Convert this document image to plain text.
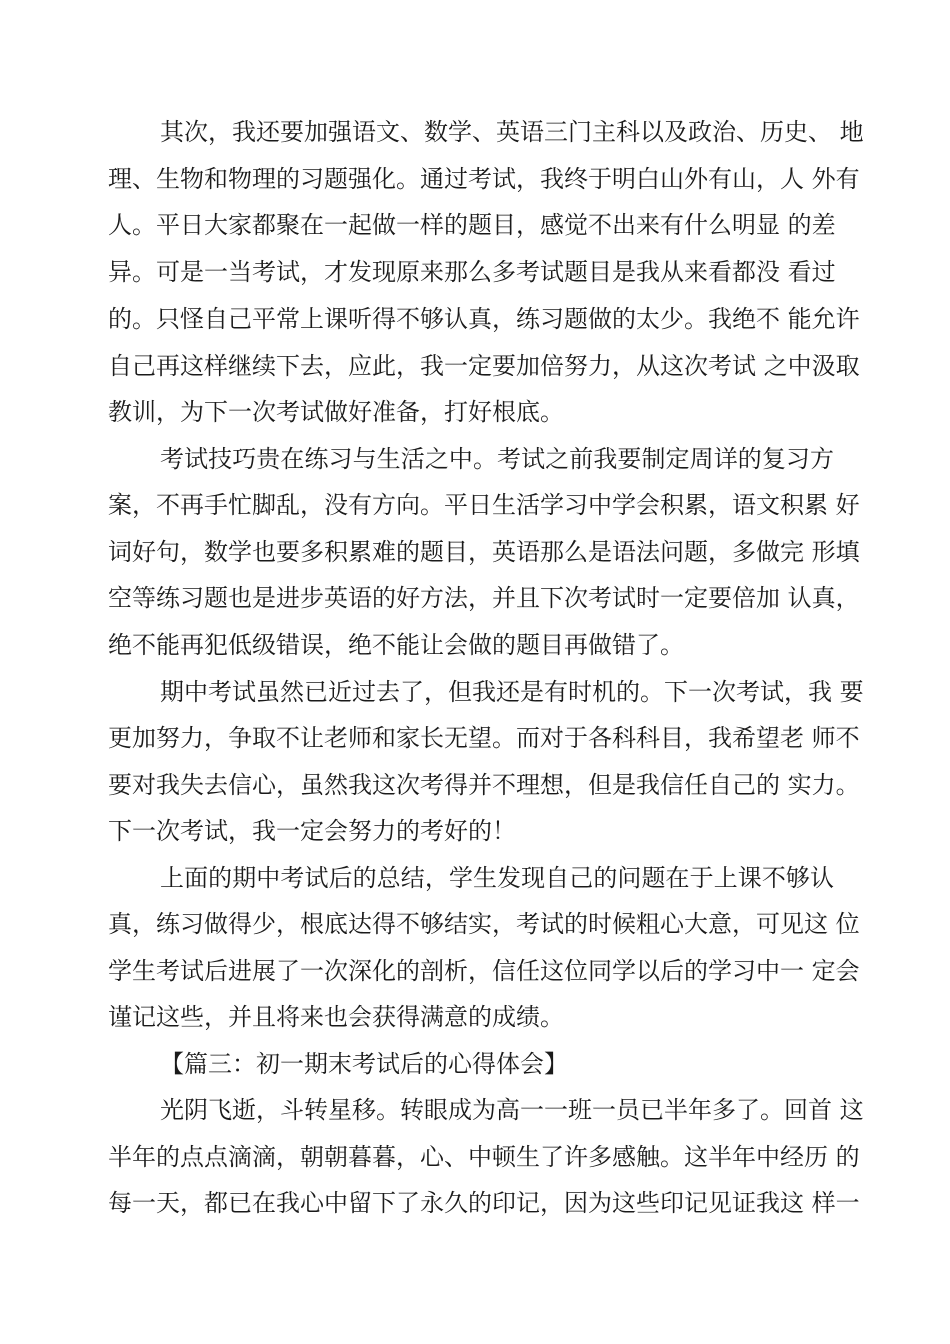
其次，我还要加强语文、数学、英语三门主科以及政治、历史、 地
理、生物和物理的习题强化。通过考试，我终于明白山外有山，人 外有
人。平日大家都聚在一起做一样的题目，感觉不出来有什么明显 的差
异。可是一当考试，才发现原来那么多考试题目是我从来看都没 看过
的。只怪自己平常上课听得不够认真，练习题做的太少。我绝不 能允许
自己再这样继续下去，应此，我一定要加倍努力，从这次考试 之中汲取
教训，为下一次考试做好准备，打好根底。
考试技巧贵在练习与生活之中。考试之前我要制定周详的复习方
案，不再手忙脚乱，没有方向。平日生活学习中学会积累，语文积累 好
词好句，数学也要多积累难的题目，英语那么是语法问题，多做完 形填
空等练习题也是进步英语的好方法，并且下次考试时一定要倍加 认真，
绝不能再犯低级错误，绝不能让会做的题目再做错了。
期中考试虽然已近过去了，但我还是有时机的。下一次考试，我 要
更加努力，争取不让老师和家长无望。而对于各科科目，我希望老 师不
要对我失去信心，虽然我这次考得并不理想，但是我信任自己的 实力。
下一次考试，我一定会努力的考好的！
上面的期中考试后的总结，学生发现自己的问题在于上课不够认
真，练习做得少，根底达得不够结实，考试的时候粗心大意，可见这 位
学生考试后进展了一次深化的剖析，信任这位同学以后的学习中一 定会
谨记这些，并且将来也会获得满意的成绩。
【篇三：初一期末考试后的心得体会】
光阴飞逝，斗转星移。转眼成为高一一班一员已半年多了。回首 这
半年的点点滴滴，朝朝暮暮，心、中顿生了许多感触。这半年中经历 的
每一天，都已在我心中留下了永久的印记，因为这些印记见证我这 样一
